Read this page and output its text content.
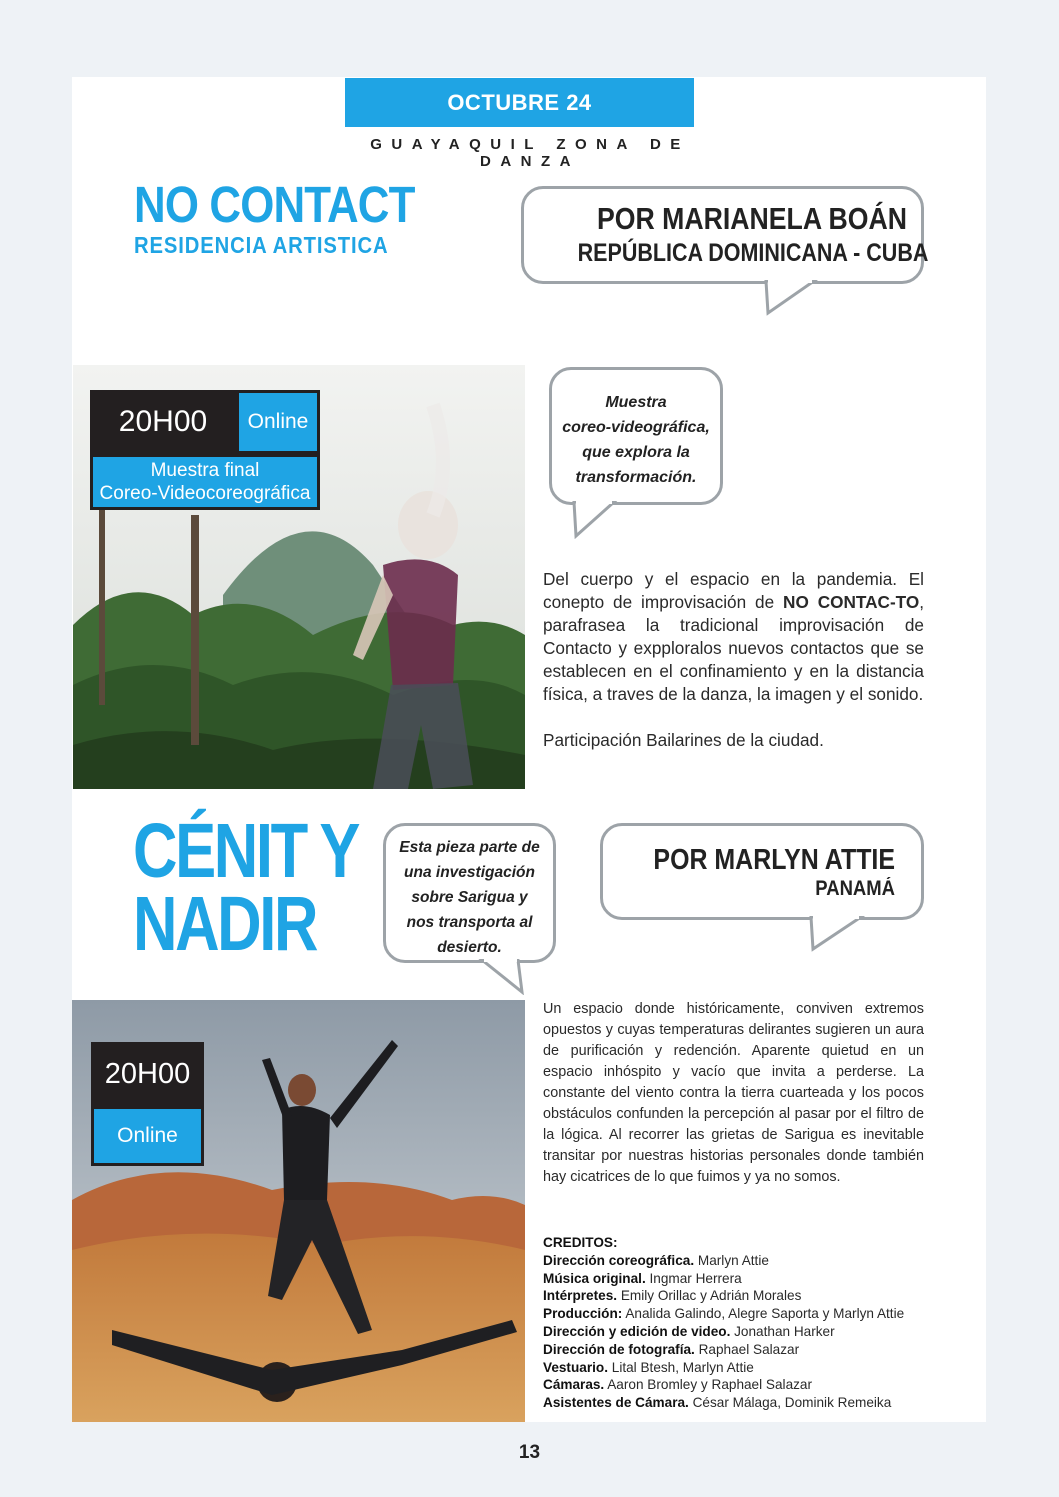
OCTUBRE 24
GUAYAQUIL ZONA DE DANZA
NO CONTACT
RESIDENCIA ARTISTICA
POR MARIANELA BOÁN
REPÚBLICA DOMINICANA - CUBA
Muestra
coreo-videográfica,
que explora la
transformación.
20H00	Online
Muestra final
Coreo-Videocoreográfica

Del cuerpo y el espacio en la pandemia. El conepto de improvisación de NO CONTAC-TO, parafrasea la tradicional improvisación de Contacto y expploralos nuevos contactos que se establecen en el confinamiento y en la distancia física, a traves de la danza, la imagen y el sonido.

Participación Bailarines de la ciudad.

CÉNIT Y
NADIR
Esta pieza parte de
una investigación
sobre Sarigua y
nos transporta al
desierto.
POR MARLYN ATTIE
PANAMÁ
20H00
Online
Un espacio donde históricamente, conviven extremos opuestos y cuyas temperaturas delirantes sugieren un aura de purificación y redención. Aparente quietud en un espacio inhóspito y vacío que invita a perderse. La constante del viento contra la tierra cuarteada y los pocos obstáculos confunden la percepción al pasar por el filtro de la lógica. Al recorrer las grietas de Sarigua es inevitable transitar por nuestras historias personales donde también hay cicatrices de lo que fuimos y ya no somos.
CREDITOS:
Dirección coreográfica. Marlyn Attie
Música original. Ingmar Herrera
Intérpretes. Emily Orillac y Adrián Morales
Producción: Analida Galindo, Alegre Saporta y Marlyn Attie
Dirección y edición de video. Jonathan Harker
Dirección de fotografía. Raphael Salazar
Vestuario. Lital Btesh, Marlyn Attie
Cámaras. Aaron Bromley y Raphael Salazar
Asistentes de Cámara. César Málaga, Dominik Remeika
13
